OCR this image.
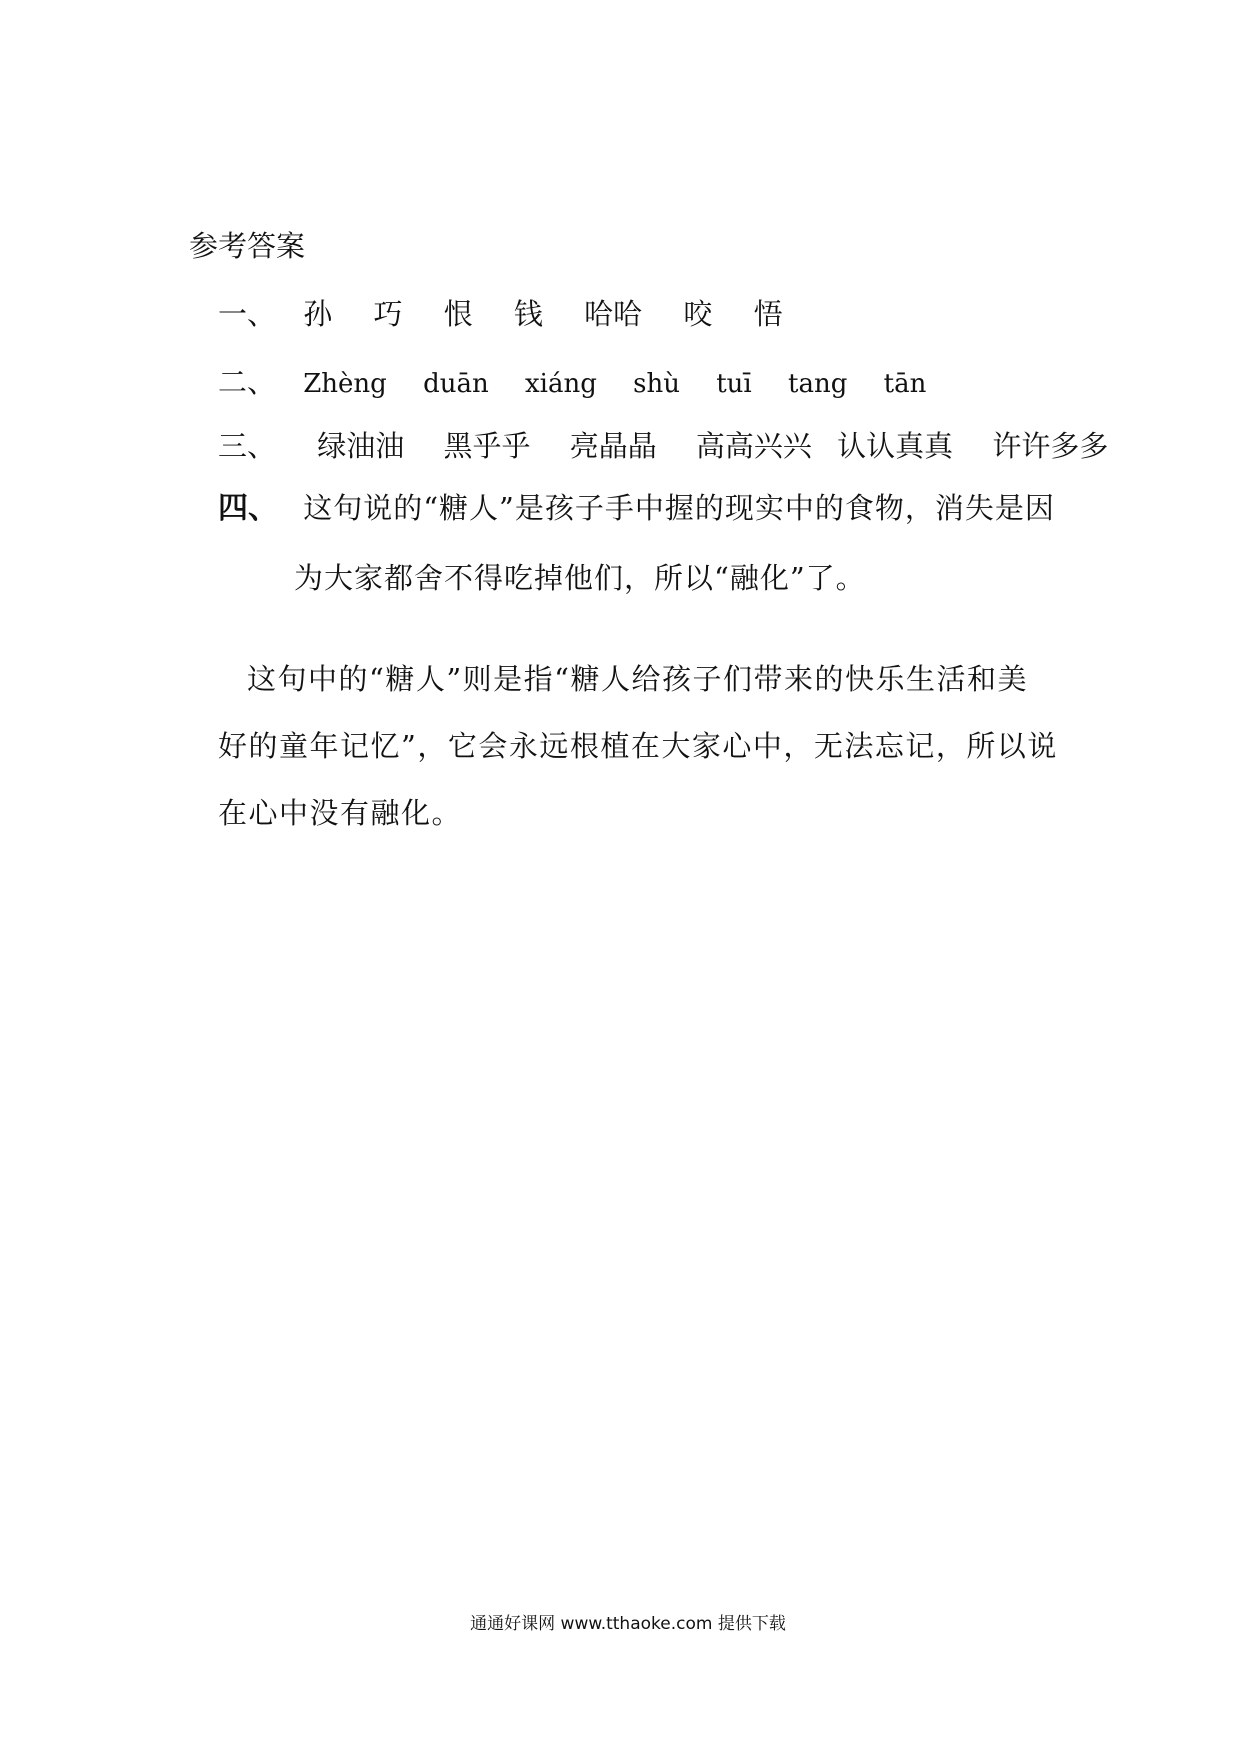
参考答案
一、 孙 巧 恨 钱 哈哈 咬 悟
二、 Zhèng duān xiáng shù tuī tang tān
三、 绿油油 黑乎乎 亮晶晶 高高兴兴 认认真真 许许多多
四、 这句说的“糖人”是孩子手中握的现实中的食物，消失是因
为大家都舍不得吃掉他们，所以“融化”了。
这句中的“糖人”则是指“糖人给孩子们带来的快乐生活和美好的童年记忆”，它会永远根植在大家心中，无法忘记，所以说在心中没有融化。
通通好课网 www.tthaoke.com 提供下载
